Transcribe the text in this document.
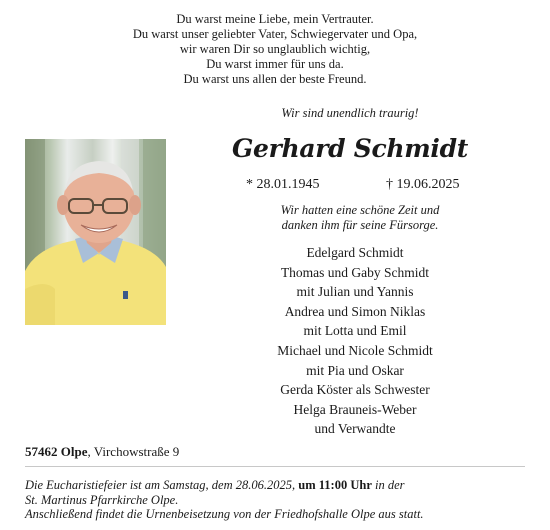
Du warst meine Liebe, mein Vertrauter.
Du warst unser geliebter Vater, Schwiegervater und Opa,
wir waren Dir so unglaublich wichtig,
Du warst immer für uns da.
Du warst uns allen der beste Freund.
Wir sind unendlich traurig!
Gerhard Schmidt
* 28.01.1945	† 19.06.2025
Wir hatten eine schöne Zeit und
danken ihm für seine Fürsorge.
Edelgard Schmidt
Thomas und Gaby Schmidt
mit Julian und Yannis
Andrea und Simon Niklas
mit Lotta und Emil
Michael und Nicole Schmidt
mit Pia und Oskar
Gerda Köster als Schwester
Helga Brauneis-Weber
und Verwandte
57462 Olpe, Virchowstraße 9
Die Eucharistiefeier ist am Samstag, dem 28.06.2025, um 11:00 Uhr in der
St. Martinus Pfarrkirche Olpe.
Anschließend findet die Urnenbeisetzung von der Friedhofshalle Olpe aus statt.
